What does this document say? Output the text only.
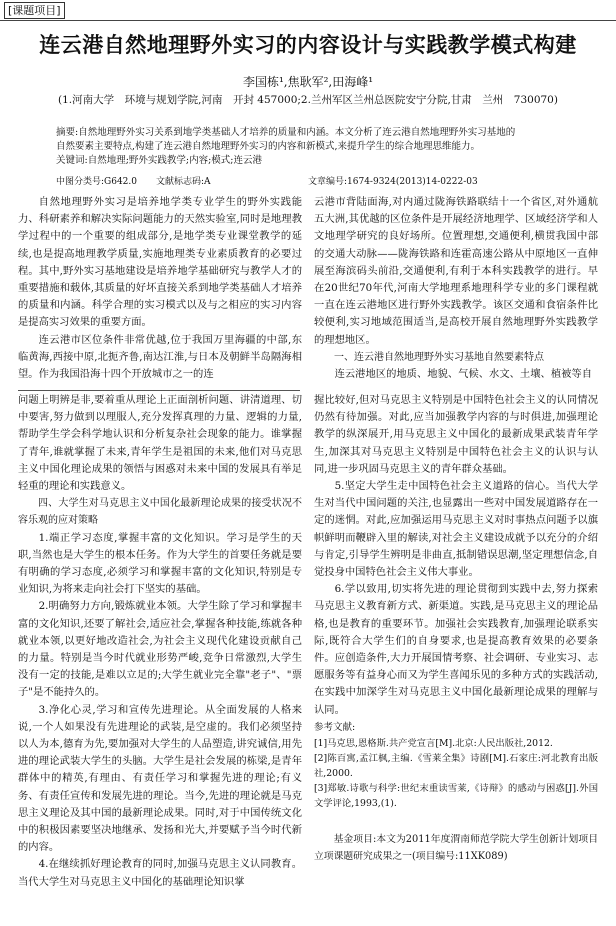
[课题项目]
连云港自然地理野外实习的内容设计与实践教学模式构建
李国栋¹,焦耿军²,田海峰¹
(1.河南大学　环境与规划学院,河南　开封 457000;2.兰州军区兰州总医院安宁分院,甘肃　兰州　730070)

摘要:自然地理野外实习关系到地学类基础人才培养的质量和内涵。本文分析了连云港自然地理野外实习基地的

自然要素主要特点,构建了连云港自然地理野外实习的内容和新模式,来提升学生的综合地理思维能力。

关键词:自然地理;野外实践教学;内容;模式;连云港

中图分类号:G642.0 文献标志码:A	文章编号:1674-9324(2013)14-0222-03

自然地理野外实习是培养地学类专业学生的野外实践能力、科研素养和解决实际问题能力的天然实验室,同时是地理教学过程中的一个重要的组成部分,是地学类专业课堂教学的延续,也是提高地理教学质量,实施地理类专业素质教育的必要过程。其中,野外实习基地建设是培养地学基础研究与教学人才的重要措施和载体,其质量的好坏直接关系到地学类基础人才培养的质量和内涵。科学合理的实习模式以及与之相应的实习内容是提高实习效果的重要方面。

连云港市区位条件非常优越,位于我国万里海疆的中部,东临黄海,西接中原,北扼齐鲁,南达江淮,与日本及朝鲜半岛隔海相望。作为我国沿海十四个开放城市之一的连

云港市背陆面海,对内通过陇海铁路联结十一个省区,对外通航五大洲,其优越的区位条件是开展经济地理学、区域经济学和人文地理学研究的良好场所。位置理想,交通便利,横贯我国中部的交通大动脉——陇海铁路和连霍高速公路从中原地区一直伸展至海滨码头前沿,交通便利,有利于本科实践教学的进行。早在20世纪70年代,河南大学地理系地理科学专业的多门课程就一直在连云港地区进行野外实践教学。该区交通和食宿条件比较便利,实习地域范围适当,是高校开展自然地理野外实践教学的理想地区。

一、连云港自然地理野外实习基地自然要素特点

连云港地区的地质、地貌、气候、水文、土壤、植被等自

问题上明辨是非,要着重从理论上正面剖析问题、讲清道理、切中要害,努力做到以理服人,充分发挥真理的力量、逻辑的力量,帮助学生学会科学地认识和分析复杂社会现象的能力。谁掌握了青年,谁就掌握了未来,青年学生是祖国的未来,他们对马克思主义中国化理论成果的领悟与困惑对未来中国的发展具有举足轻重的理论和实践意义。

四、大学生对马克思主义中国化最新理论成果的接受状况不容乐观的应对策略

1.端正学习态度,掌握丰富的文化知识。学习是学生的天职,当然也是大学生的根本任务。作为大学生的首要任务就是要有明确的学习态度,必须学习和掌握丰富的文化知识,特别是专业知识,为将来走向社会打下坚实的基础。

2.明确努力方向,锻炼就业本领。大学生除了学习和掌握丰富的文化知识,还要了解社会,适应社会,掌握各种技能,练就各种就业本领,以更好地改造社会,为社会主义现代化建设贡献自己的力量。特别是当今时代就业形势严峻,竞争日常激烈,大学生没有一定的技能,是难以立足的;大学生就业完全靠"老子"、"票子"是不能持久的。

3.净化心灵,学习和宣传先进理论。从全面发展的人格来说,一个人如果没有先进理论的武装,是空虚的。我们必须坚持以人为本,德育为先,要加强对大学生的人品塑造,讲究诚信,用先进的理论武装大学生的头脑。大学生是社会发展的栋梁,是青年群体中的精英,有理由、有责任学习和掌握先进的理论;有义务、有责任宣传和发展先进的理论。当今,先进的理论就是马克思主义理论及其中国的最新理论成果。同时,对于中国传统文化中的积极因素要坚决地继承、发扬和光大,并要赋予当今时代新的内容。

4.在继续抓好理论教育的同时,加强马克思主义认同教育。当代大学生对马克思主义中国化的基础理论知识掌

握比较好,但对马克思主义特别是中国特色社会主义的认同情况仍然有待加强。对此,应当加强教学内容的与时俱进,加强理论教学的纵深展开,用马克思主义中国化的最新成果武装青年学生,加深其对马克思主义特别是中国特色社会主义的认识与认同,进一步巩固马克思主义的青年群众基础。

5.坚定大学生走中国特色社会主义道路的信心。当代大学生对当代中国问题的关注,也显露出一些对中国发展道路存在一定的迷惘。对此,应加强运用马克思主义对时事热点问题予以旗帜鲜明而鞭辟入里的解读,对社会主义建设成就予以充分的介绍与肯定,引导学生辨明是非曲直,抵制错误思潮,坚定理想信念,自觉投身中国特色社会主义伟大事业。

6.学以致用,切实将先进的理论贯彻到实践中去,努力探索马克思主义教育新方式、新渠道。实践,是马克思主义的理论品格,也是教育的重要环节。加强社会实践教育,加强理论联系实际,既符合大学生们的自身要求,也是提高教育效果的必要条件。应创造条件,大力开展国情考察、社会调研、专业实习、志愿服务等有益身心而又为学生喜闻乐见的多种方式的实践活动,在实践中加深学生对马克思主义中国化最新理论成果的理解与认同。

参考文献:

[1]马克思,恩格斯.共产党宣言[M].北京:人民出版社,2012.

[2]陈百寓,孟江枫,主编.《雪莱全集》诗剧[M].石家庄:河北教育出版社,2000.

[3]郑敏.诗歌与科学:世纪末重读雪莱,《诗辩》的感动与困惑[J].外国文学评论,1993,(1).

基金项目:本文为2011年度渭南师范学院大学生创新计划项目立项课题研究成果之一(项目编号:11XK089)
